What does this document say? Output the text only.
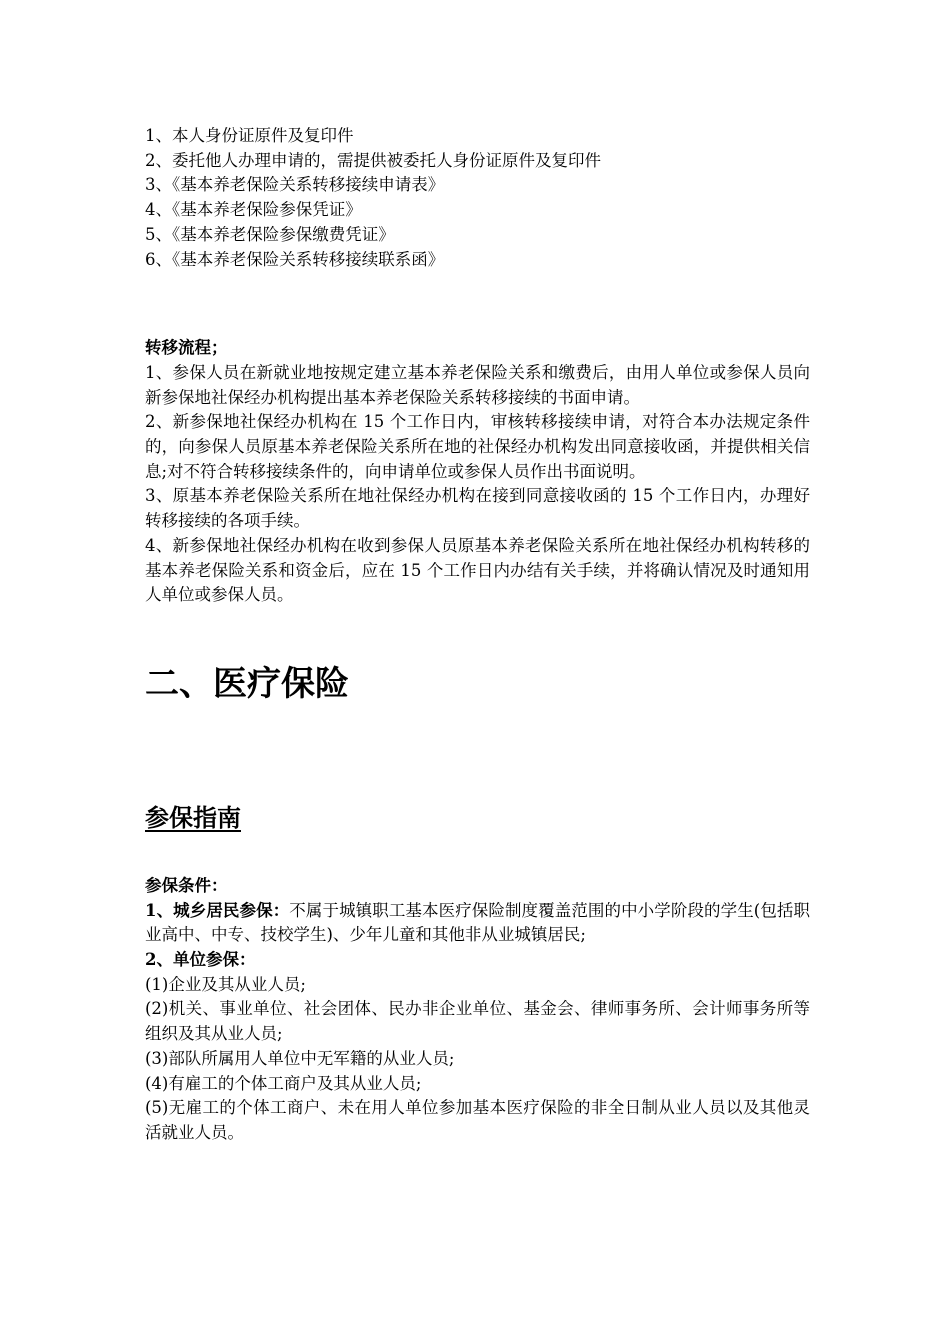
1、本人身份证原件及复印件

2、委托他人办理申请的，需提供被委托人身份证原件及复印件

3、《基本养老保险关系转移接续申请表》

4、《基本养老保险参保凭证》

5、《基本养老保险参保缴费凭证》

6、《基本养老保险关系转移接续联系函》

转移流程；

1、参保人员在新就业地按规定建立基本养老保险关系和缴费后，由用人单位或参保人员向新参保地社保经办机构提出基本养老保险关系转移接续的书面申请。

2、新参保地社保经办机构在 15 个工作日内，审核转移接续申请，对符合本办法规定条件的，向参保人员原基本养老保险关系所在地的社保经办机构发出同意接收函，并提供相关信息;对不符合转移接续条件的，向申请单位或参保人员作出书面说明。

3、原基本养老保险关系所在地社保经办机构在接到同意接收函的 15 个工作日内，办理好转移接续的各项手续。

4、新参保地社保经办机构在收到参保人员原基本养老保险关系所在地社保经办机构转移的基本养老保险关系和资金后，应在 15 个工作日内办结有关手续，并将确认情况及时通知用人单位或参保人员。

二、医疗保险
参保指南

参保条件：

1、城乡居民参保：不属于城镇职工基本医疗保险制度覆盖范围的中小学阶段的学生(包括职业高中、中专、技校学生)、少年儿童和其他非从业城镇居民;

2、单位参保：

(1)企业及其从业人员;

(2)机关、事业单位、社会团体、民办非企业单位、基金会、律师事务所、会计师事务所等组织及其从业人员;

(3)部队所属用人单位中无军籍的从业人员;

(4)有雇工的个体工商户及其从业人员;

(5)无雇工的个体工商户、未在用人单位参加基本医疗保险的非全日制从业人员以及其他灵活就业人员。
